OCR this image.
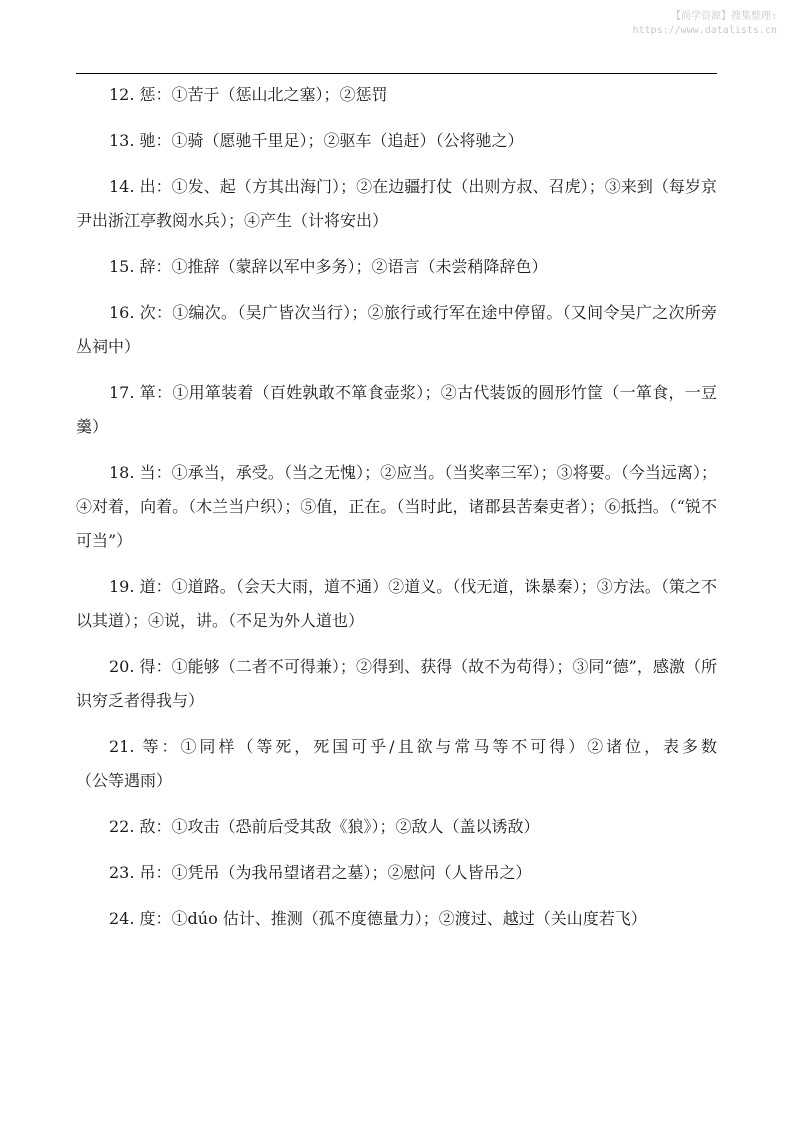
【尚学资源】搜集整理:
https://www.datalists.cn

12. 惩：①苦于（惩山北之塞）；②惩罚

13. 驰：①骑（愿驰千里足）；②驱车（追赶）（公将驰之）

14. 出：①发、起（方其出海门）；②在边疆打仗（出则方叔、召虎）；③来到（每岁京尹出浙江亭教阅水兵）；④产生（计将安出）

15. 辞：①推辞（蒙辞以军中多务）；②语言（未尝稍降辞色）

16. 次：①编次。（吴广皆次当行）；②旅行或行军在途中停留。（又间令吴广之次所旁丛祠中）

17. 箪：①用箪装着（百姓孰敢不箪食壶浆）；②古代装饭的圆形竹筐（一箪食，一豆羹）

18. 当：①承当，承受。（当之无愧）；②应当。（当奖率三军）；③将要。（今当远离）；④对着，向着。（木兰当户织）；⑤值，正在。（当时此，诸郡县苦秦吏者）；⑥抵挡。（“锐不可当”）

19. 道：①道路。（会天大雨，道不通）②道义。（伐无道，诛暴秦）；③方法。（策之不以其道）；④说，讲。（不足为外人道也）

20. 得：①能够（二者不可得兼）；②得到、获得（故不为苟得）；③同“德”，感激（所识穷乏者得我与）

21. 等：①同样（等死，死国可乎/且欲与常马等不可得）②诸位，表多数（公等遇雨）

22. 敌：①攻击（恐前后受其敌《狼》）；②敌人（盖以诱敌）

23. 吊：①凭吊（为我吊望诸君之墓）；②慰问（人皆吊之）

24. 度：①dúo 估计、推测（孤不度德量力）；②渡过、越过（关山度若飞）
